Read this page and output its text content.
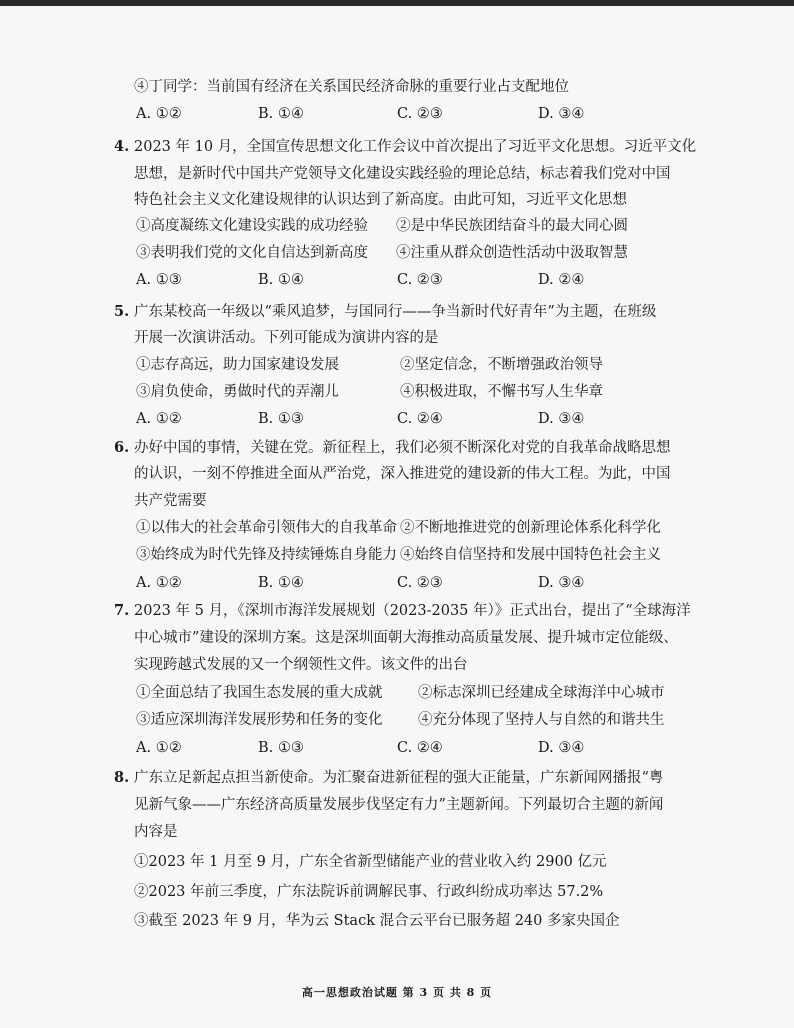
④丁同学：当前国有经济在关系国民经济命脉的重要行业占支配地位
A. ①②	B. ①④	C. ②③	D. ③④
4. 2023 年 10 月，全国宣传思想文化工作会议中首次提出了习近平文化思想。习近平文化
思想，是新时代中国共产党领导文化建设实践经验的理论总结，标志着我们党对中国
特色社会主义文化建设规律的认识达到了新高度。由此可知，习近平文化思想
①高度凝练文化建设实践的成功经验 ②是中华民族团结奋斗的最大同心圆
③表明我们党的文化自信达到新高度 ④注重从群众创造性活动中汲取智慧
A. ①③	B. ①④	C. ②③	D. ②④
5. 广东某校高一年级以“乘风追梦，与国同行——争当新时代好青年”为主题，在班级
开展一次演讲活动。下列可能成为演讲内容的是
①志存高远，助力国家建设发展	②坚定信念，不断增强政治领导
③肩负使命，勇做时代的弄潮儿	④积极进取，不懈书写人生华章
A. ①②	B. ①③	C. ②④	D. ③④
6. 办好中国的事情，关键在党。新征程上，我们必须不断深化对党的自我革命战略思想
的认识，一刻不停推进全面从严治党，深入推进党的建设新的伟大工程。为此，中国
共产党需要
①以伟大的社会革命引领伟大的自我革命 ②不断地推进党的创新理论体系化科学化
③始终成为时代先锋及持续锤炼自身能力 ④始终自信坚持和发展中国特色社会主义
A. ①②	B. ①④	C. ②③	D. ③④
7. 2023 年 5 月，《深圳市海洋发展规划（2023-2035 年）》正式出台，提出了“全球海洋
中心城市”建设的深圳方案。这是深圳面朝大海推动高质量发展、提升城市定位能级、
实现跨越式发展的又一个纲领性文件。该文件的出台
①全面总结了我国生态发展的重大成就 ②标志深圳已经建成全球海洋中心城市
③适应深圳海洋发展形势和任务的变化 ④充分体现了坚持人与自然的和谐共生
A. ①②	B. ①③	C. ②④	D. ③④
8. 广东立足新起点担当新使命。为汇聚奋进新征程的强大正能量，广东新闻网播报“粤
见新气象——广东经济高质量发展步伐坚定有力”主题新闻。下列最切合主题的新闻
内容是
①2023 年 1 月至 9 月，广东全省新型储能产业的营业收入约 2900 亿元
②2023 年前三季度，广东法院诉前调解民事、行政纠纷成功率达 57.2%
③截至 2023 年 9 月，华为云 Stack 混合云平台已服务超 240 多家央国企
高一思想政治试题 第 3 页 共 8 页
